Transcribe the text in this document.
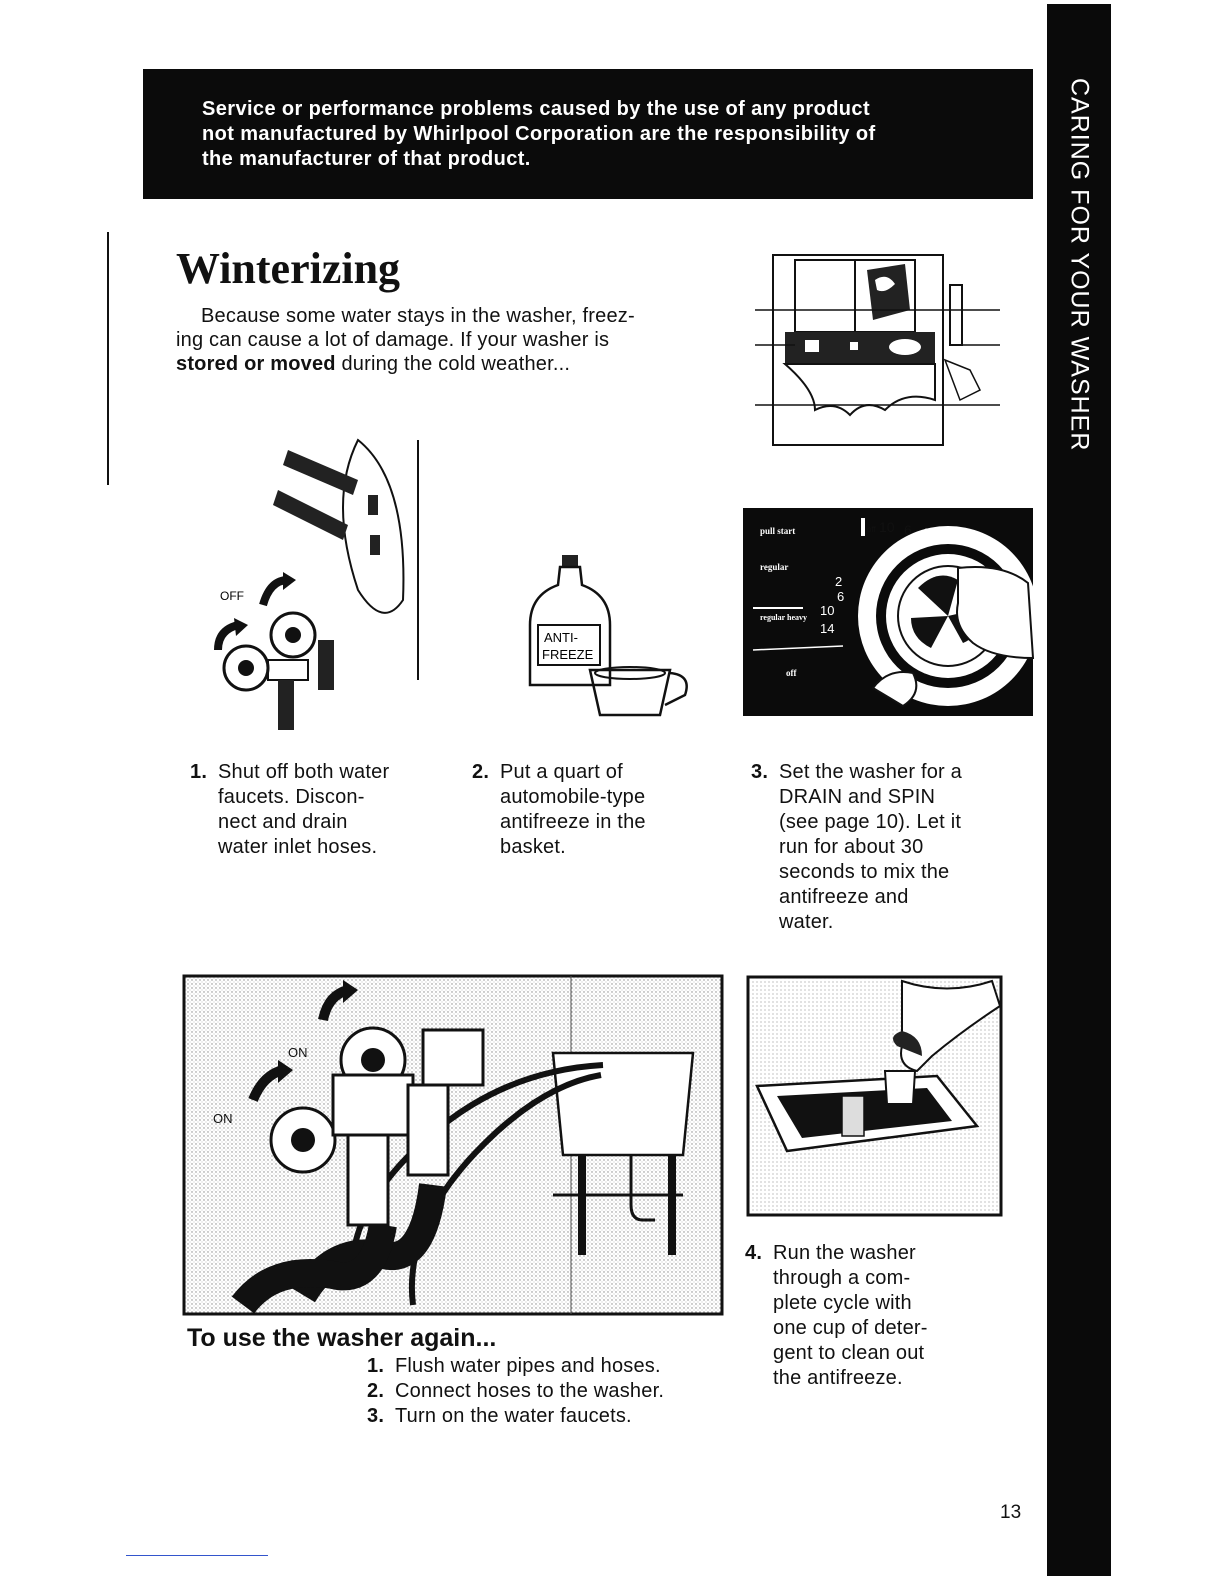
CARING FOR YOUR WASHER

Service or performance problems caused by the use of any product

not manufactured by Whirlpool Corporation are the responsibility of

the manufacturer of that product.

Winterizing

Because some water stays in the washer, freez-
ing can cause a lot of damage. If your washer is
stored or moved during the cold weather...

OFF
ANTI-
FREEZE
pull start
regular
regular heavy
off
off 10 6 2
2
6
10
14
1. Shut off both water
faucets. Discon-
nect and drain
water inlet hoses.
2. Put a quart of
automobile-type
antifreeze in the
basket.
3. Set the washer for a
DRAIN and SPIN
(see page 10). Let it
run for about 30
seconds to mix the
antifreeze and
water.
ON
ON
4. Run the washer
through a com-
plete cycle with
one cup of deter-
gent to clean out
the antifreeze.
To use the washer again...
1. Flush water pipes and hoses.
2. Connect hoses to the washer.
3. Turn on the water faucets.
13
